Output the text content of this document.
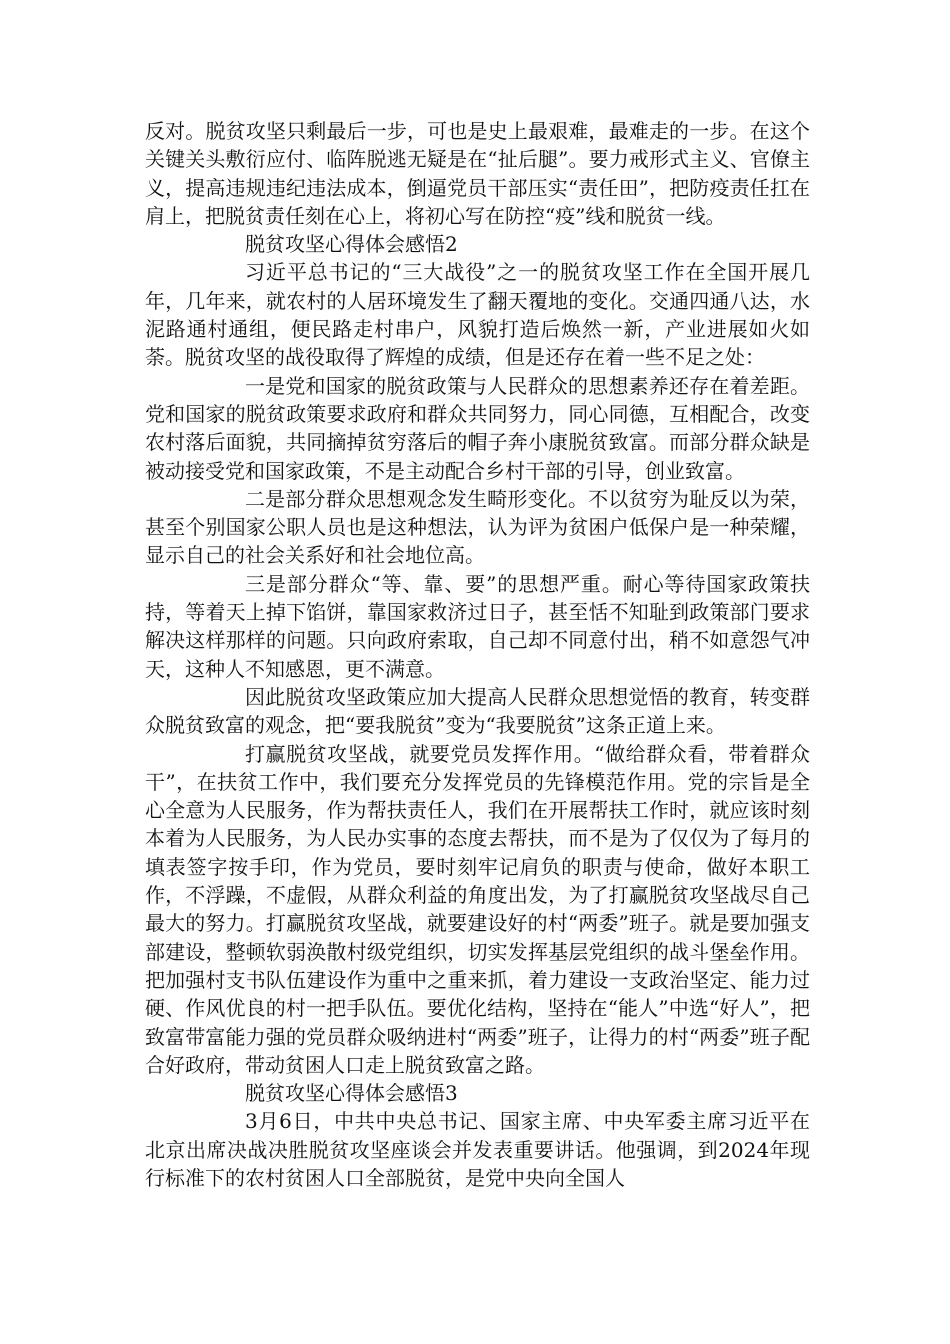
反对。脱贫攻坚只剩最后一步，可也是史上最艰难，最难走的一步。在这个关键关头敷衍应付、临阵脱逃无疑是在“扯后腿”。要力戒形式主义、官僚主义，提高违规违纪违法成本，倒逼党员干部压实“责任田”，把防疫责任扛在肩上，把脱贫责任刻在心上，将初心写在防控“疫”线和脱贫一线。

脱贫攻坚心得体会感悟2

习近平总书记的“三大战役”之一的脱贫攻坚工作在全国开展几年，几年来，就农村的人居环境发生了翻天覆地的变化。交通四通八达，水泥路通村通组，便民路走村串户，风貌打造后焕然一新，产业进展如火如荼。脱贫攻坚的战役取得了辉煌的成绩，但是还存在着一些不足之处：

一是党和国家的脱贫政策与人民群众的思想素养还存在着差距。党和国家的脱贫政策要求政府和群众共同努力，同心同德，互相配合，改变农村落后面貌，共同摘掉贫穷落后的帽子奔小康脱贫致富。而部分群众缺是被动接受党和国家政策，不是主动配合乡村干部的引导，创业致富。

二是部分群众思想观念发生畸形变化。不以贫穷为耻反以为荣，甚至个别国家公职人员也是这种想法，认为评为贫困户低保户是一种荣耀，显示自己的社会关系好和社会地位高。

三是部分群众“等、靠、要”的思想严重。耐心等待国家政策扶持，等着天上掉下馅饼，靠国家救济过日子，甚至恬不知耻到政策部门要求解决这样那样的问题。只向政府索取，自己却不同意付出，稍不如意怨气冲天，这种人不知感恩，更不满意。

因此脱贫攻坚政策应加大提高人民群众思想觉悟的教育，转变群众脱贫致富的观念，把“要我脱贫”变为“我要脱贫”这条正道上来。

打赢脱贫攻坚战，就要党员发挥作用。“做给群众看，带着群众干”，在扶贫工作中，我们要充分发挥党员的先锋模范作用。党的宗旨是全心全意为人民服务，作为帮扶责任人，我们在开展帮扶工作时，就应该时刻本着为人民服务，为人民办实事的态度去帮扶，而不是为了仅仅为了每月的填表签字按手印，作为党员，要时刻牢记肩负的职责与使命，做好本职工作，不浮躁，不虚假，从群众利益的角度出发，为了打赢脱贫攻坚战尽自己最大的努力。打赢脱贫攻坚战，就要建设好的村“两委”班子。就是要加强支部建设，整顿软弱涣散村级党组织，切实发挥基层党组织的战斗堡垒作用。把加强村支书队伍建设作为重中之重来抓，着力建设一支政治坚定、能力过硬、作风优良的村一把手队伍。要优化结构，坚持在“能人”中选“好人”，把致富带富能力强的党员群众吸纳进村“两委”班子，让得力的村“两委”班子配合好政府，带动贫困人口走上脱贫致富之路。

脱贫攻坚心得体会感悟3

3月6日，中共中央总书记、国家主席、中央军委主席习近平在北京出席决战决胜脱贫攻坚座谈会并发表重要讲话。他强调，到2024年现行标准下的农村贫困人口全部脱贫，是党中央向全国人
